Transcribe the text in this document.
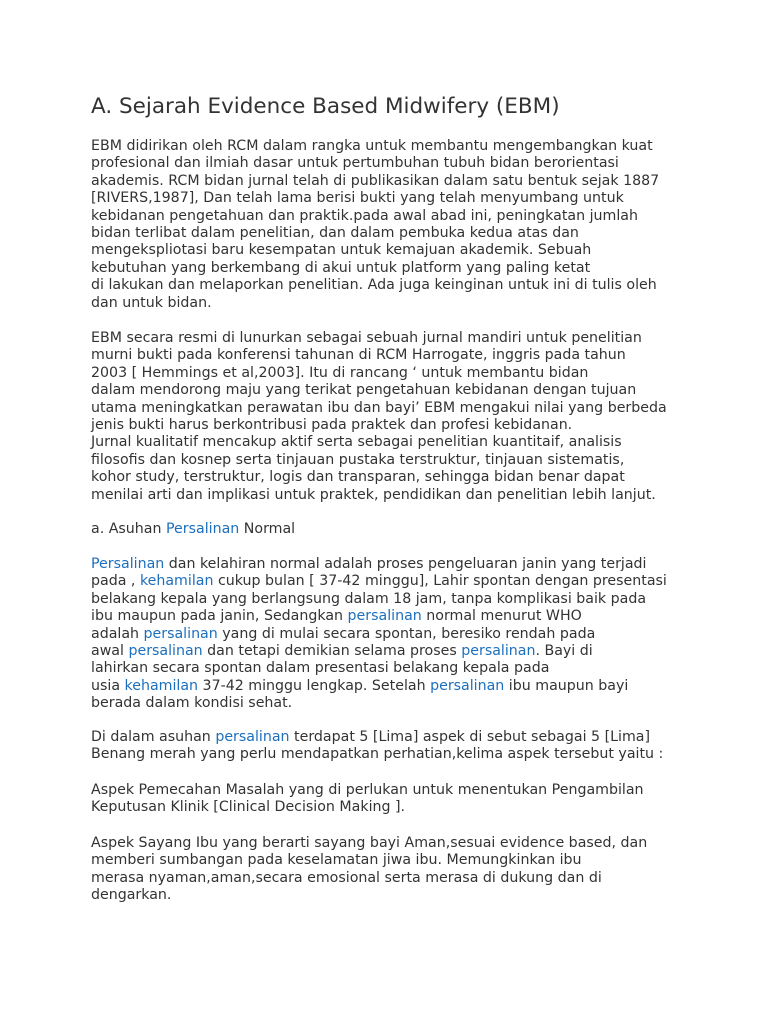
A. Sejarah Evidence Based Midwifery (EBM)

EBM didirikan oleh RCM dalam rangka untuk membantu mengembangkan kuat
profesional dan ilmiah dasar untuk pertumbuhan tubuh bidan berorientasi
akademis. RCM bidan jurnal telah di publikasikan dalam satu bentuk sejak 1887
[RIVERS,1987], Dan telah lama berisi bukti yang telah menyumbang untuk
kebidanan pengetahuan dan praktik.pada awal abad ini, peningkatan jumlah
bidan terlibat dalam penelitian, dan dalam pembuka kedua atas dan
mengekspliotasi baru kesempatan untuk kemajuan akademik. Sebuah
kebutuhan yang berkembang di akui untuk platform yang paling ketat
di lakukan dan melaporkan penelitian. Ada juga keinginan untuk ini di tulis oleh
dan untuk bidan.

EBM secara resmi di lunurkan sebagai sebuah jurnal mandiri untuk penelitian
murni bukti pada konferensi tahunan di RCM Harrogate, inggris pada tahun
2003 [ Hemmings et al,2003]. Itu di rancang ‘ untuk membantu bidan
dalam mendorong maju yang terikat pengetahuan kebidanan dengan tujuan
utama meningkatkan perawatan ibu dan bayi’ EBM mengakui nilai yang berbeda
jenis bukti harus berkontribusi pada praktek dan profesi kebidanan.
Jurnal kualitatif mencakup aktif serta sebagai penelitian kuantitaif, analisis
filosofis dan kosnep serta tinjauan pustaka terstruktur, tinjauan sistematis,
kohor study, terstruktur, logis dan transparan, sehingga bidan benar dapat
menilai arti dan implikasi untuk praktek, pendidikan dan penelitian lebih lanjut.

a. Asuhan Persalinan Normal

Persalinan dan kelahiran normal adalah proses pengeluaran janin yang terjadi
pada , kehamilan cukup bulan [ 37-42 minggu], Lahir spontan dengan presentasi
belakang kepala yang berlangsung dalam 18 jam, tanpa komplikasi baik pada
ibu maupun pada janin, Sedangkan persalinan normal menurut WHO
adalah persalinan yang di mulai secara spontan, beresiko rendah pada
awal persalinan dan tetapi demikian selama proses persalinan. Bayi di
lahirkan secara spontan dalam presentasi belakang kepala pada
usia kehamilan 37-42 minggu lengkap. Setelah persalinan ibu maupun bayi
berada dalam kondisi sehat.

Di dalam asuhan persalinan terdapat 5 [Lima] aspek di sebut sebagai 5 [Lima]
Benang merah yang perlu mendapatkan perhatian,kelima aspek tersebut yaitu :

Aspek Pemecahan Masalah yang di perlukan untuk menentukan Pengambilan
Keputusan Klinik [Clinical Decision Making ].

Aspek Sayang Ibu yang berarti sayang bayi Aman,sesuai evidence based, dan
memberi sumbangan pada keselamatan jiwa ibu. Memungkinkan ibu
merasa nyaman,aman,secara emosional serta merasa di dukung dan di
dengarkan.
